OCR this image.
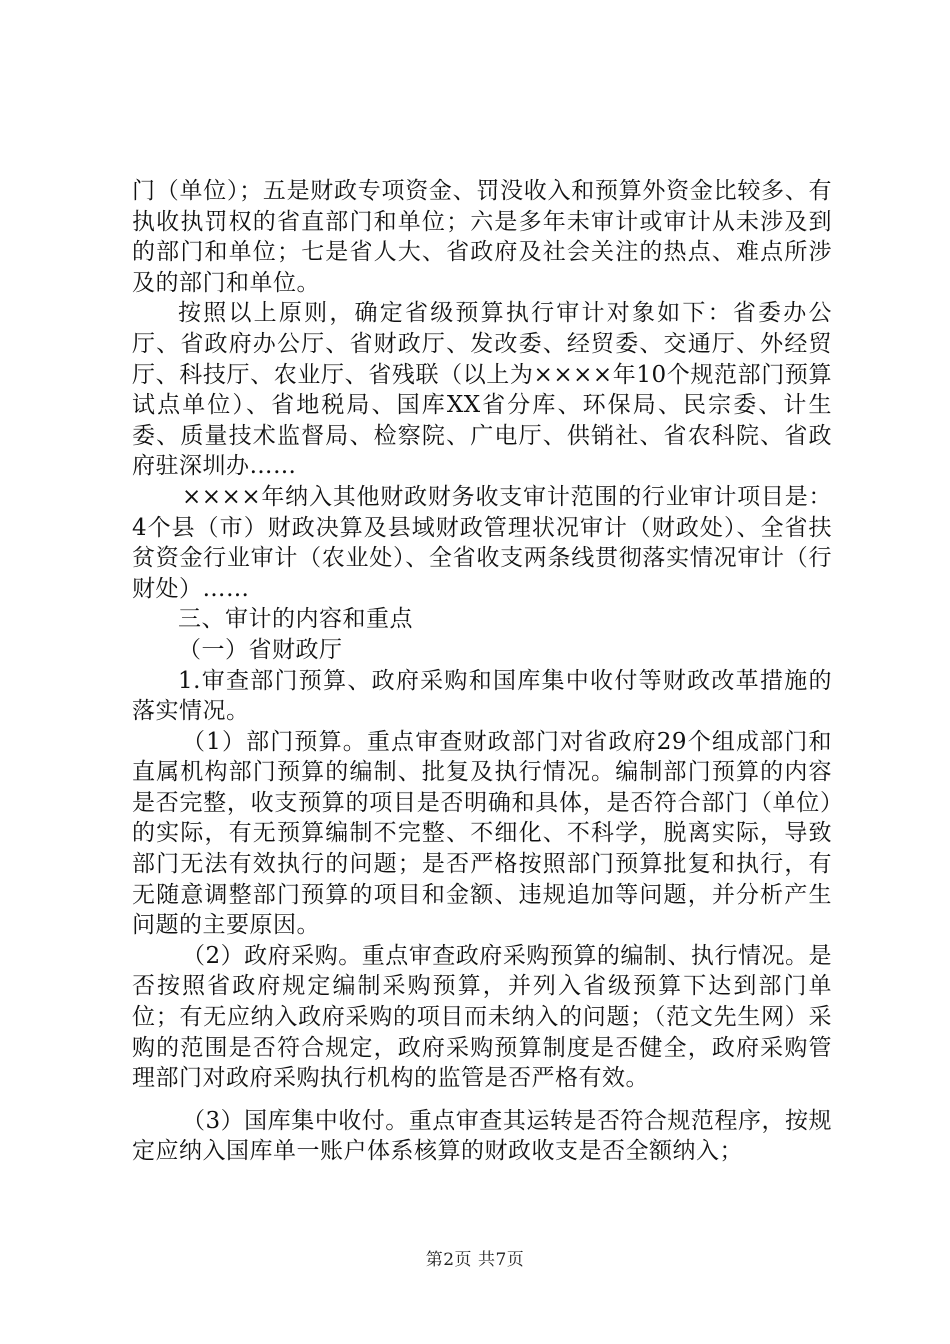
门（单位）；五是财政专项资金、罚没收入和预算外资金比较多、有执收执罚权的省直部门和单位；六是多年未审计或审计从未涉及到的部门和单位；七是省人大、省政府及社会关注的热点、难点所涉及的部门和单位。

按照以上原则，确定省级预算执行审计对象如下：省委办公厅、省政府办公厅、省财政厅、发改委、经贸委、交通厅、外经贸厅、科技厅、农业厅、省残联（以上为××××年10个规范部门预算试点单位）、省地税局、国库XX省分库、环保局、民宗委、计生委、质量技术监督局、检察院、广电厅、供销社、省农科院、省政府驻深圳办……

××××年纳入其他财政财务收支审计范围的行业审计项目是：4个县（市）财政决算及县域财政管理状况审计（财政处）、全省扶贫资金行业审计（农业处）、全省收支两条线贯彻落实情况审计（行财处）……

三、审计的内容和重点

（一）省财政厅

1.审查部门预算、政府采购和国库集中收付等财政改革措施的落实情况。

（1）部门预算。重点审查财政部门对省政府29个组成部门和直属机构部门预算的编制、批复及执行情况。编制部门预算的内容是否完整，收支预算的项目是否明确和具体，是否符合部门（单位）的实际，有无预算编制不完整、不细化、不科学，脱离实际，导致部门无法有效执行的问题；是否严格按照部门预算批复和执行，有无随意调整部门预算的项目和金额、违规追加等问题，并分析产生问题的主要原因。

（2）政府采购。重点审查政府采购预算的编制、执行情况。是否按照省政府规定编制采购预算，并列入省级预算下达到部门单位；有无应纳入政府采购的项目而未纳入的问题；（范文先生网）采购的范围是否符合规定，政府采购预算制度是否健全，政府采购管理部门对政府采购执行机构的监管是否严格有效。

（3）国库集中收付。重点审查其运转是否符合规范程序，按规定应纳入国库单一账户体系核算的财政收支是否全额纳入；

第2页 共7页
